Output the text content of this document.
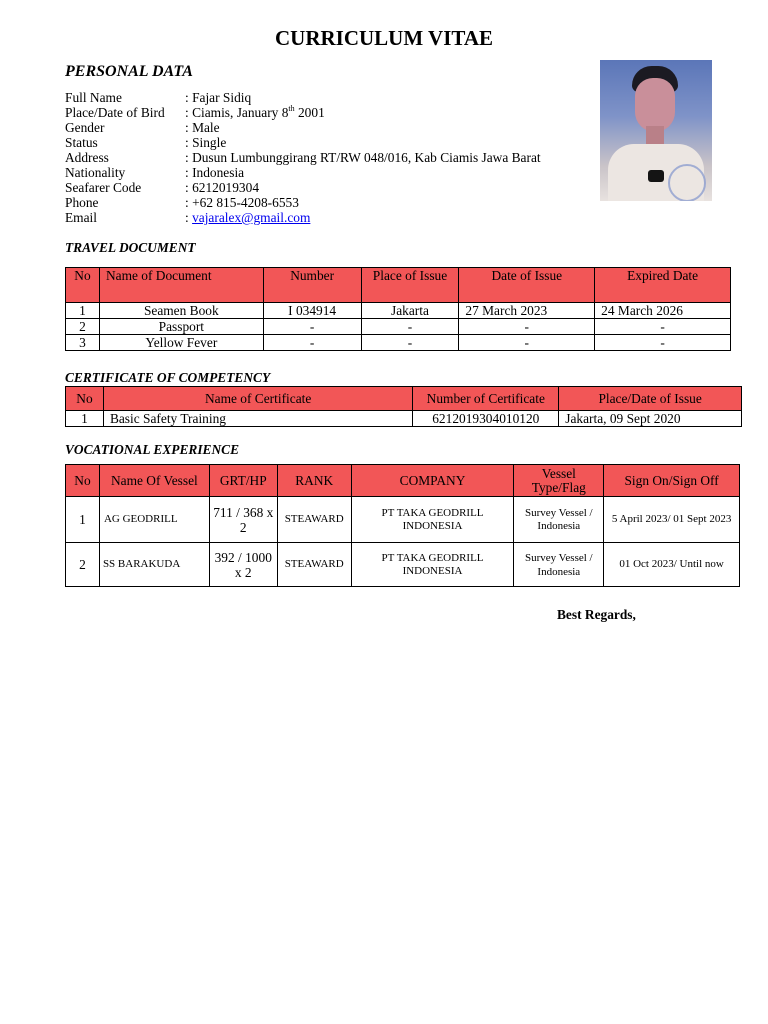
CURRICULUM VITAE
PERSONAL DATA
Full Name	: Fajar Sidiq
Place/Date of Bird	: Ciamis, January 8th 2001
Gender	: Male
Status	: Single
Address	: Dusun Lumbunggirang RT/RW 048/016, Kab Ciamis Jawa Barat
Nationality	: Indonesia
Seafarer Code	: 6212019304
Phone	: +62 815-4208-6553
Email	: vajaralex@gmail.com
TRAVEL DOCUMENT
No	Name of Document	Number	Place of Issue	Date of Issue	Expired Date
1	Seamen Book	I 034914	Jakarta	27 March 2023	24 March 2026
2	Passport	-	-	-	-
3	Yellow Fever	-	-	-	-
CERTIFICATE OF COMPETENCY
No	Name of Certificate	Number of Certificate	Place/Date of Issue
1	Basic Safety Training	6212019304010120	Jakarta, 09 Sept 2020
VOCATIONAL EXPERIENCE
No	Name Of Vessel	GRT/HP	RANK	COMPANY	Vessel Type/Flag	Sign On/Sign Off
1	AG GEODRILL	711 / 368 x 2	STEAWARD	PT TAKA GEODRILL INDONESIA	Survey Vessel / Indonesia	5 April 2023/ 01 Sept 2023
2	SS BARAKUDA	392 / 1000 x 2	STEAWARD	PT TAKA GEODRILL INDONESIA	Survey Vessel / Indonesia	01 Oct 2023/ Until now
Best Regards,
